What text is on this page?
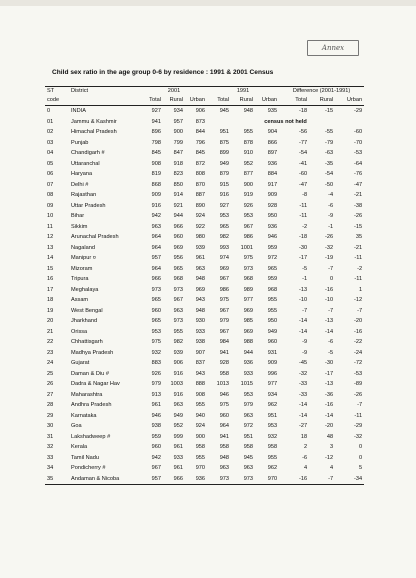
Annex
Child sex ratio in the age group 0-6 by residence : 1991 & 2001 Census
ST	District	2001			1991			Difference (2001-1991)		
code		Total	Rural	Urban	Total	Rural	Urban	Total	Rural	Urban
0	INDIA	927	934	906	945	948	935	-18	-15	-29
01	Jammu & Kashmir	941	957	873	census not held					
02	Himachal Pradesh	896	900	844	951	955	904	-56	-55	-60
03	Punjab	798	799	796	875	878	866	-77	-79	-70
04	Chandigarh #	845	847	845	899	910	897	-54	-63	-53
05	Uttaranchal	908	918	872	949	952	936	-41	-35	-64
06	Haryana	819	823	808	879	877	884	-60	-54	-76
07	Delhi #	868	850	870	915	900	917	-47	-50	-47
08	Rajasthan	909	914	887	916	919	909	-8	-4	-21
09	Uttar Pradesh	916	921	890	927	926	928	-11	-6	-38
10	Bihar	942	944	924	953	953	950	-11	-9	-26
11	Sikkim	963	966	922	965	967	936	-2	-1	-15
12	Arunachal Pradesh	964	960	980	982	986	946	-18	-26	35
13	Nagaland	964	969	939	993	1001	959	-30	-32	-21
14	Manipur ¤	957	956	961	974	975	972	-17	-19	-11
15	Mizoram	964	965	963	969	973	965	-5	-7	-2
16	Tripura	966	968	948	967	968	959	-1	0	-11
17	Meghalaya	973	973	969	986	989	968	-13	-16	1
18	Assam	965	967	943	975	977	955	-10	-10	-12
19	West Bengal	960	963	948	967	969	955	-7	-7	-7
20	Jharkhand	965	973	930	979	985	950	-14	-13	-20
21	Orissa	953	955	933	967	969	949	-14	-14	-16
22	Chhattisgarh	975	982	938	984	988	960	-9	-6	-22
23	Madhya Pradesh	932	939	907	941	944	931	-9	-5	-24
24	Gujarat	883	906	837	928	936	909	-45	-30	-72
25	Daman & Diu #	926	916	943	958	933	996	-32	-17	-53
26	Dadra & Nagar Hav	979	1003	888	1013	1015	977	-33	-13	-89
27	Maharashtra	913	916	908	946	953	934	-33	-36	-26
28	Andhra Pradesh	961	963	955	975	979	962	-14	-16	-7
29	Karnataka	946	949	940	960	963	951	-14	-14	-11
30	Goa	938	952	924	964	972	953	-27	-20	-29
31	Lakshadweep #	959	999	900	941	951	932	18	48	-32
32	Kerala	960	961	958	958	958	958	2	3	0
33	Tamil Nadu	942	933	955	948	945	955	-6	-12	0
34	Pondicherry #	967	961	970	963	963	962	4	4	5
35	Andaman & Nicoba	957	966	936	973	973	970	-16	-7	-34
